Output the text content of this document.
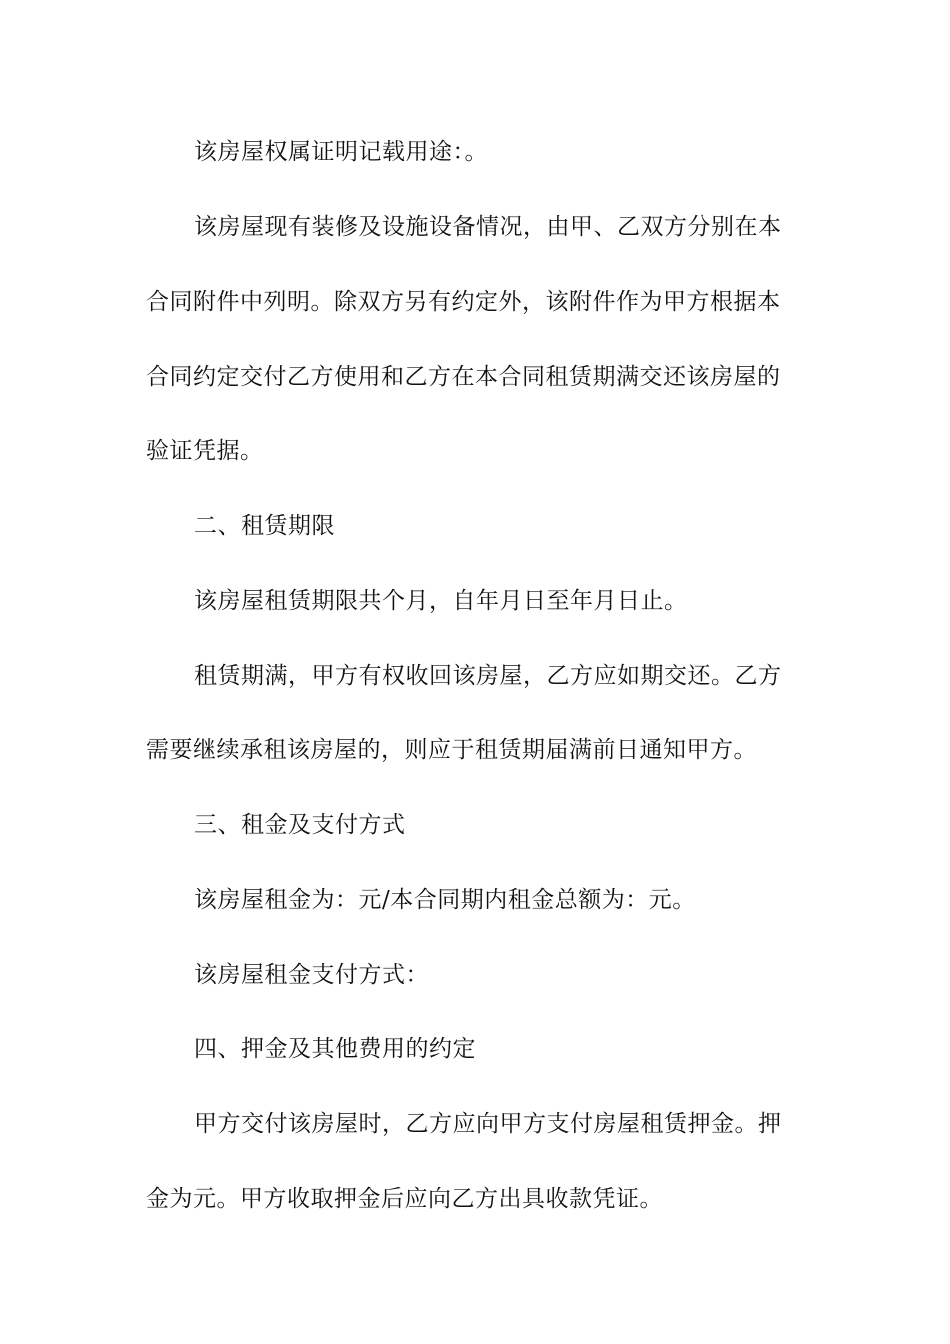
该房屋权属证明记载用途：。
该房屋现有装修及设施设备情况，由甲、乙双方分别在本
合同附件中列明。除双方另有约定外，该附件作为甲方根据本
合同约定交付乙方使用和乙方在本合同租赁期满交还该房屋的
验证凭据。
二、租赁期限
该房屋租赁期限共个月，自年月日至年月日止。
租赁期满，甲方有权收回该房屋，乙方应如期交还。乙方
需要继续承租该房屋的，则应于租赁期届满前日通知甲方。
三、租金及支付方式
该房屋租金为：元/本合同期内租金总额为：元。
该房屋租金支付方式：
四、押金及其他费用的约定
甲方交付该房屋时，乙方应向甲方支付房屋租赁押金。押
金为元。甲方收取押金后应向乙方出具收款凭证。
